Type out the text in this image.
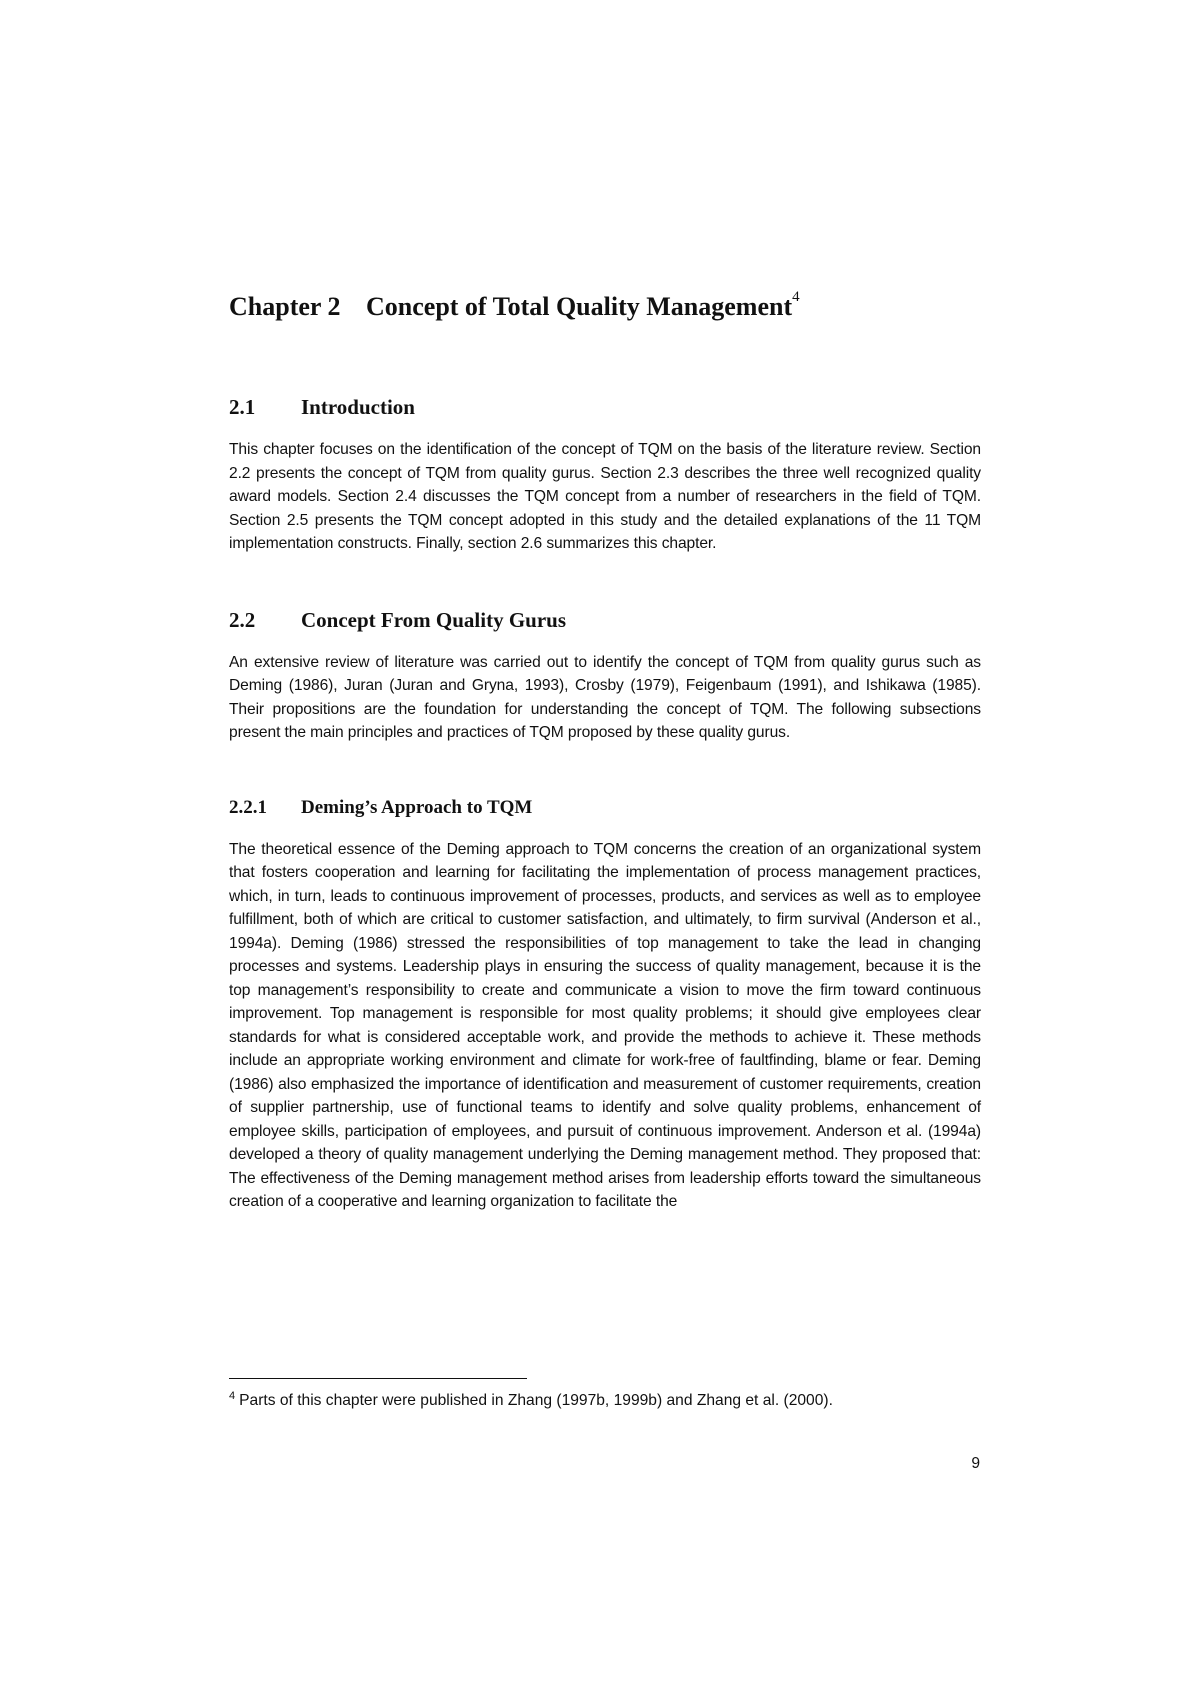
Chapter 2 Concept of Total Quality Management$^4$
2.1 Introduction

This chapter focuses on the identification of the concept of TQM on the basis of the literature review. Section 2.2 presents the concept of TQM from quality gurus. Section 2.3 describes the three well recognized quality award models. Section 2.4 discusses the TQM concept from a number of researchers in the field of TQM. Section 2.5 presents the TQM concept adopted in this study and the detailed explanations of the 11 TQM implementation constructs. Finally, section 2.6 summarizes this chapter.

2.2 Concept From Quality Gurus

An extensive review of literature was carried out to identify the concept of TQM from quality gurus such as Deming (1986), Juran (Juran and Gryna, 1993), Crosby (1979), Feigenbaum (1991), and Ishikawa (1985). Their propositions are the foundation for understanding the concept of TQM. The following subsections present the main principles and practices of TQM proposed by these quality gurus.

2.2.1 Deming’s Approach to TQM

The theoretical essence of the Deming approach to TQM concerns the creation of an organizational system that fosters cooperation and learning for facilitating the implementation of process management practices, which, in turn, leads to continuous improvement of processes, products, and services as well as to employee fulfillment, both of which are critical to customer satisfaction, and ultimately, to firm survival (Anderson et al., 1994a). Deming (1986) stressed the responsibilities of top management to take the lead in changing processes and systems. Leadership plays in ensuring the success of quality management, because it is the top management’s responsibility to create and communicate a vision to move the firm toward continuous improvement. Top management is responsible for most quality problems; it should give employees clear standards for what is considered acceptable work, and provide the methods to achieve it. These methods include an appropriate working environment and climate for work-free of faultfinding, blame or fear. Deming (1986) also emphasized the importance of identification and measurement of customer requirements, creation of supplier partnership, use of functional teams to identify and solve quality problems, enhancement of employee skills, participation of employees, and pursuit of continuous improvement. Anderson et al. (1994a) developed a theory of quality management underlying the Deming management method. They proposed that: The effectiveness of the Deming management method arises from leadership efforts toward the simultaneous creation of a cooperative and learning organization to facilitate the

$^4$ Parts of this chapter were published in Zhang (1997b, 1999b) and Zhang et al. (2000).

9
